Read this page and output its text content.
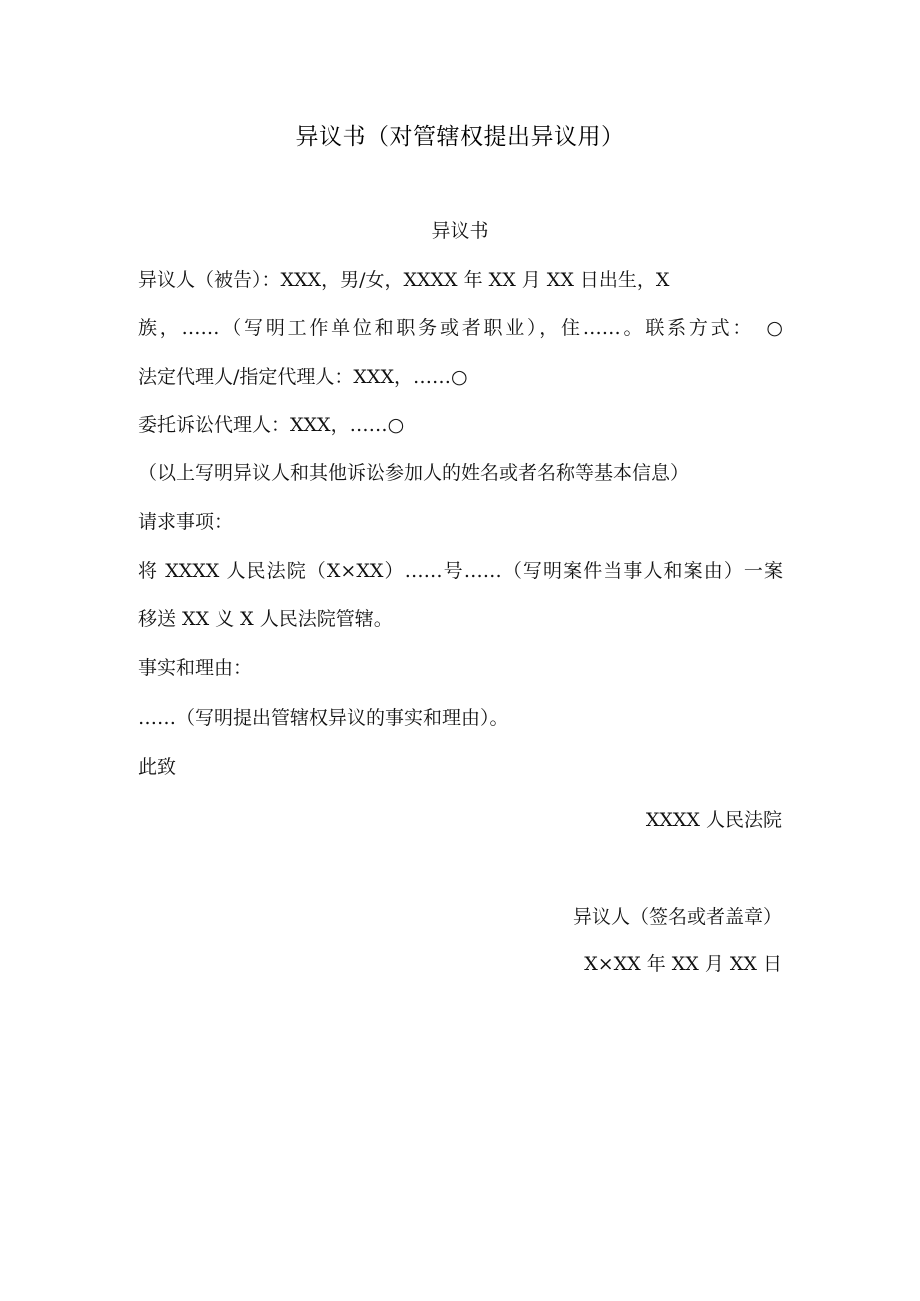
异议书（对管辖权提出异议用）
异议书
异议人（被告）：XXX，男/女，XXXX 年 XX 月 XX 日出生，X
族，……（写明工作单位和职务或者职业），住……。联系方式：　○
法定代理人/指定代理人：XXX，……○
委托诉讼代理人：XXX，……○
（以上写明异议人和其他诉讼参加人的姓名或者名称等基本信息）
请求事项：
将 XXXX 人民法院（X×XX）……号……（写明案件当事人和案由）一案
移送 XX 义 X 人民法院管辖。
事实和理由：
……（写明提出管辖权异议的事实和理由）。
此致
XXXX 人民法院
异议人（签名或者盖章）
X×XX 年 XX 月 XX 日
